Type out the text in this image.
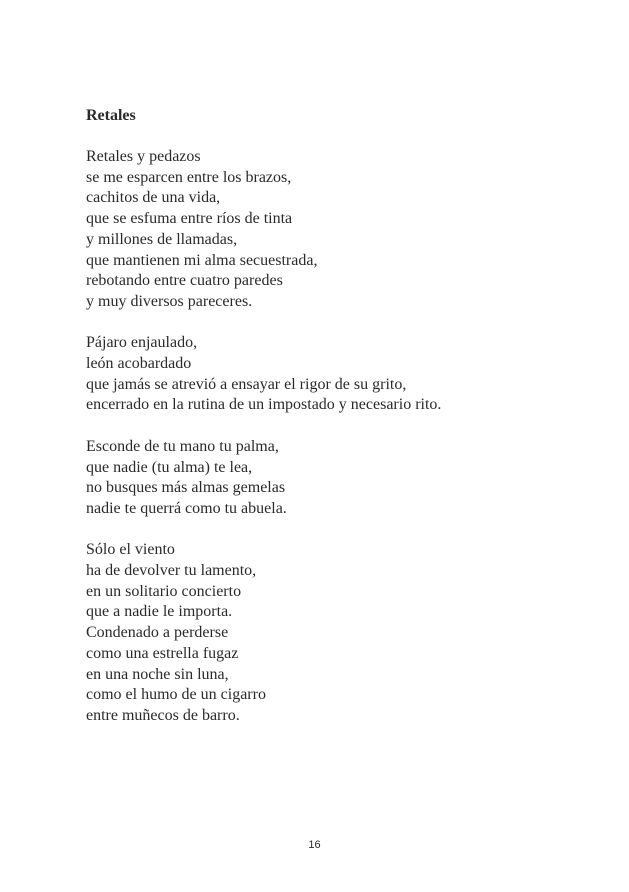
Retales
Retales y pedazos
se me esparcen entre los brazos,
cachitos de una vida,
que se esfuma entre ríos de tinta
y millones de llamadas,
que mantienen mi alma secuestrada,
rebotando entre cuatro paredes
y muy diversos pareceres.
Pájaro enjaulado,
león acobardado
que jamás se atrevió a ensayar el rigor de su grito,
encerrado en la rutina de un impostado y necesario rito.
Esconde de tu mano tu palma,
que nadie (tu alma) te lea,
no busques más almas gemelas
nadie te querrá como tu abuela.
Sólo el viento
ha de devolver tu lamento,
en un solitario concierto
que a nadie le importa.
Condenado a perderse
como una estrella fugaz
en una noche sin luna,
como el humo de un cigarro
entre muñecos de barro.
16
